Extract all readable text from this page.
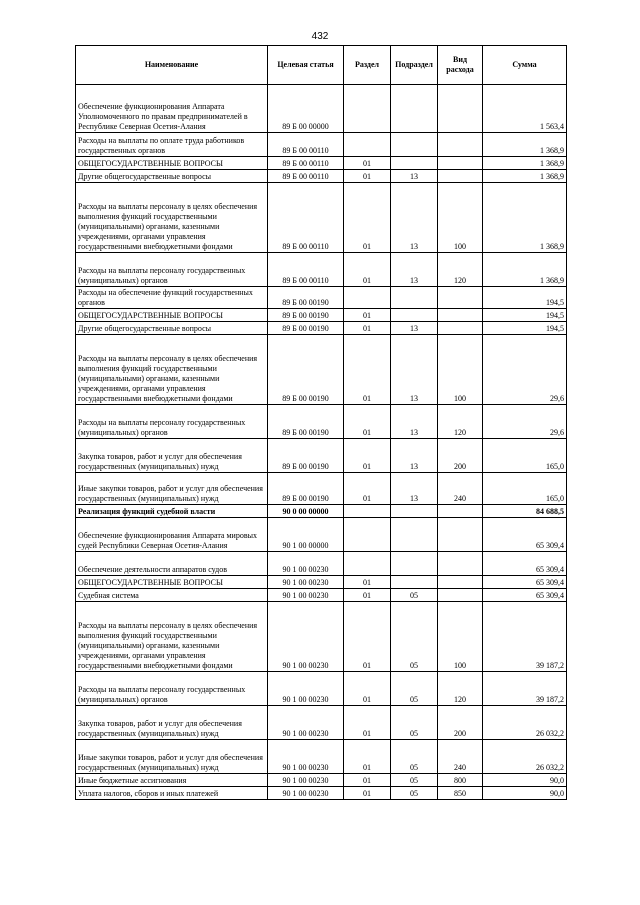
432
Наименование	Целевая статья	Раздел	Подраздел	Вид расхода	Сумма
Обеспечение функционирования Аппарата Уполномоченного по правам предпринимателей в Республике Северная Осетия-Алания	89 Б 00 00000				1 563,4
Расходы на выплаты по оплате труда работников государственных органов	89 Б 00 00110				1 368,9
ОБЩЕГОСУДАРСТВЕННЫЕ ВОПРОСЫ	89 Б 00 00110	01			1 368,9
Другие общегосударственные вопросы	89 Б 00 00110	01	13		1 368,9
Расходы на выплаты персоналу в целях обеспечения выполнения функций государственными (муниципальными) органами, казенными учреждениями, органами управления государственными внебюджетными фондами	89 Б 00 00110	01	13	100	1 368,9
Расходы на выплаты персоналу государственных (муниципальных) органов	89 Б 00 00110	01	13	120	1 368,9
Расходы на обеспечение функций государственных органов	89 Б 00 00190				194,5
ОБЩЕГОСУДАРСТВЕННЫЕ ВОПРОСЫ	89 Б 00 00190	01			194,5
Другие общегосударственные вопросы	89 Б 00 00190	01	13		194,5
Расходы на выплаты персоналу в целях обеспечения выполнения функций государственными (муниципальными) органами, казенными учреждениями, органами управления государственными внебюджетными фондами	89 Б 00 00190	01	13	100	29,6
Расходы на выплаты персоналу государственных (муниципальных) органов	89 Б 00 00190	01	13	120	29,6
Закупка товаров, работ и услуг для обеспечения государственных (муниципальных) нужд	89 Б 00 00190	01	13	200	165,0
Иные закупки товаров, работ и услуг для обеспечения государственных (муниципальных) нужд	89 Б 00 00190	01	13	240	165,0
Реализация функций судебной власти	90 0 00 00000				84 688,5
Обеспечение функционирования Аппарата мировых судей Республики Северная Осетия-Алания	90 1 00 00000				65 309,4
Обеспечение деятельности аппаратов судов	90 1 00 00230				65 309,4
ОБЩЕГОСУДАРСТВЕННЫЕ ВОПРОСЫ	90 1 00 00230	01			65 309,4
Судебная система	90 1 00 00230	01	05		65 309,4
Расходы на выплаты персоналу в целях обеспечения выполнения функций государственными (муниципальными) органами, казенными учреждениями, органами управления государственными внебюджетными фондами	90 1 00 00230	01	05	100	39 187,2
Расходы на выплаты персоналу государственных (муниципальных) органов	90 1 00 00230	01	05	120	39 187,2
Закупка товаров, работ и услуг для обеспечения государственных (муниципальных) нужд	90 1 00 00230	01	05	200	26 032,2
Иные закупки товаров, работ и услуг для обеспечения государственных (муниципальных) нужд	90 1 00 00230	01	05	240	26 032,2
Иные бюджетные ассигнования	90 1 00 00230	01	05	800	90,0
Уплата налогов, сборов и иных платежей	90 1 00 00230	01	05	850	90,0
